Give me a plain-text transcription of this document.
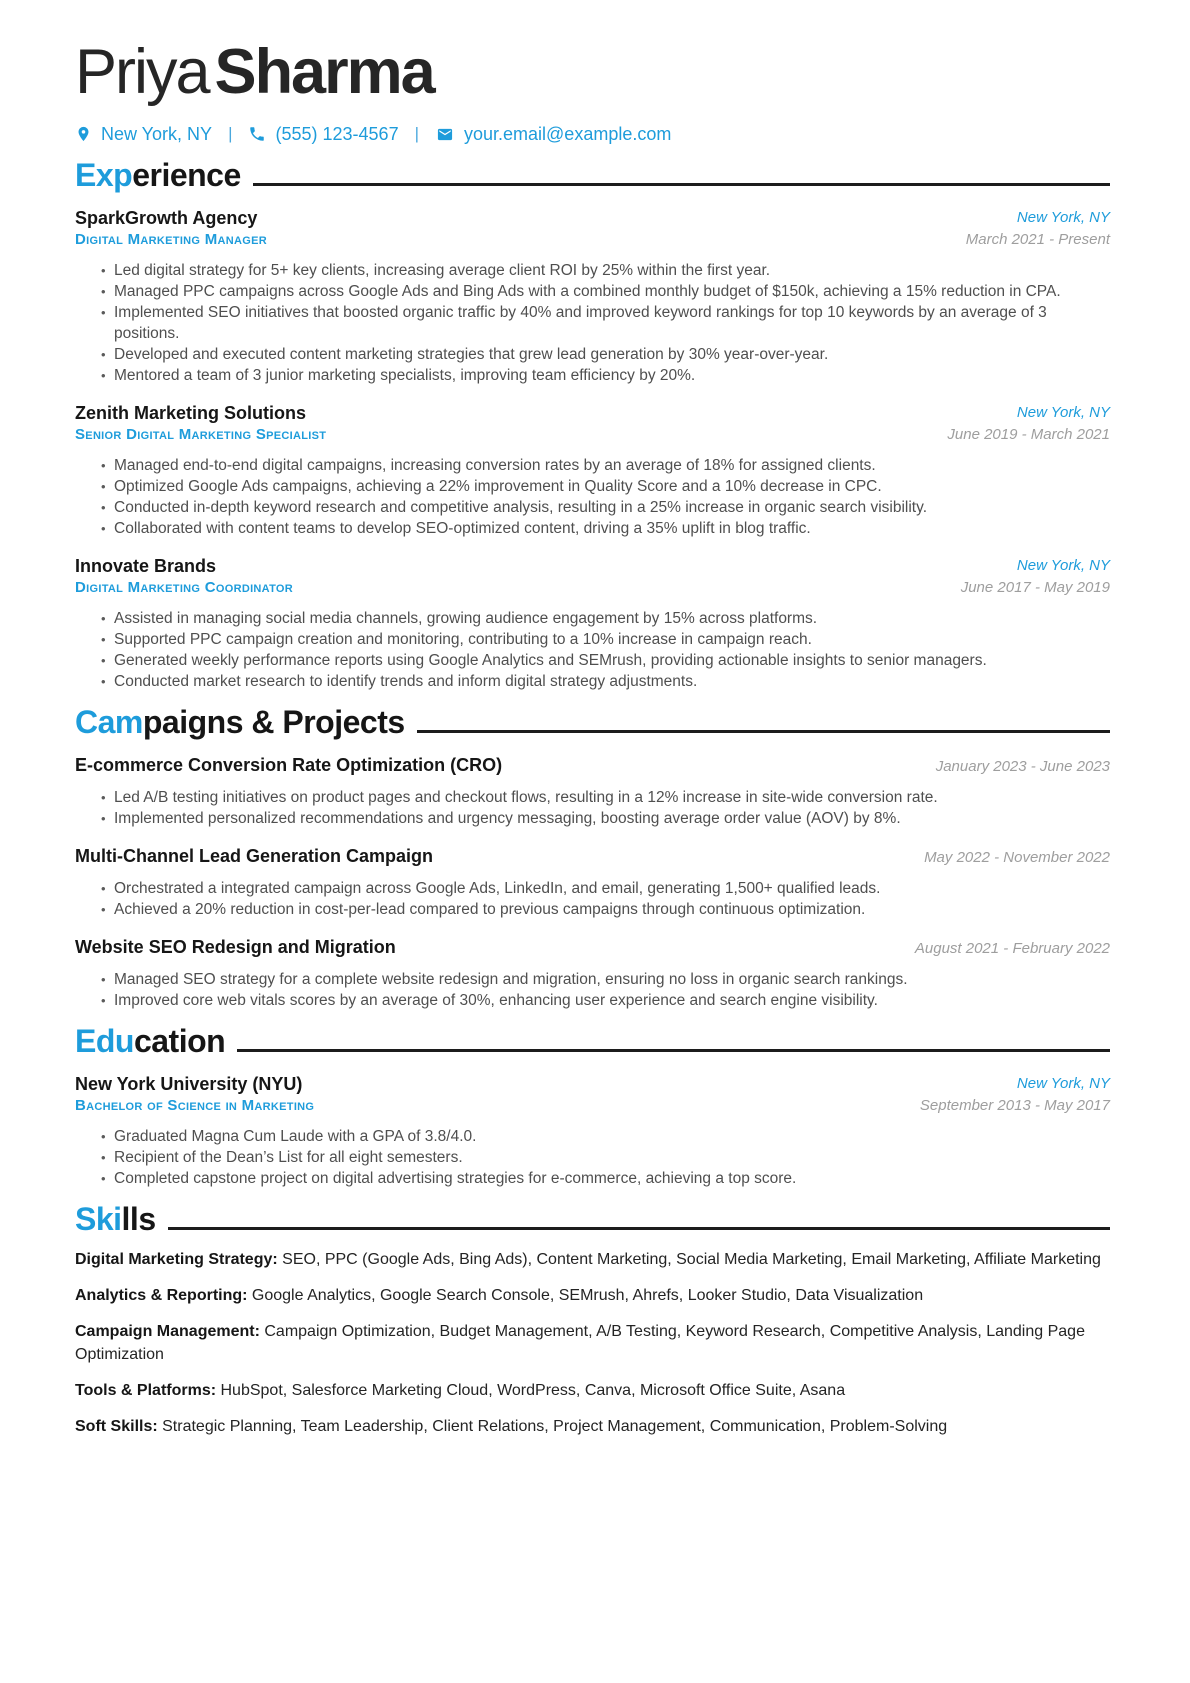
PriyaSharma
New York, NY | (555) 123-4567 |	your.email@example.com
Exp erience
SparkGrowth Agency
Digital Marketing Manager
New York, NY
March 2021 - Present
• Led digital strategy for 5+ key clients, increasing average client ROI by 25% within the first year.
• Managed PPC campaigns across Google Ads and Bing Ads with a combined monthly budget of $150k, achieving a 15% reduction in CPA.
• Implemented SEO initiatives that boosted organic traffic by 40% and improved keyword rankings for top 10 keywords by an average of 3 positions.
• Developed and executed content marketing strategies that grew lead generation by 30% year-over-year.
• Mentored a team of 3 junior marketing specialists, improving team efficiency by 20%.
Zenith Marketing Solutions
Senior Digital Marketing Specialist
New York, NY
June 2019 - March 2021
• Managed end-to-end digital campaigns, increasing conversion rates by an average of 18% for assigned clients.
• Optimized Google Ads campaigns, achieving a 22% improvement in Quality Score and a 10% decrease in CPC.
• Conducted in-depth keyword research and competitive analysis, resulting in a 25% increase in organic search visibility.
• Collaborated with content teams to develop SEO-optimized content, driving a 35% uplift in blog traffic.
Innovate Brands
Digital Marketing Coordinator
New York, NY
June 2017 - May 2019
• Assisted in managing social media channels, growing audience engagement by 15% across platforms.
• Supported PPC campaign creation and monitoring, contributing to a 10% increase in campaign reach.
• Generated weekly performance reports using Google Analytics and SEMrush, providing actionable insights to senior managers.
• Conducted market research to identify trends and inform digital strategy adjustments.
Cam paigns & Projects
E-commerce Conversion Rate Optimization (CRO)	January 2023 - June 2023
• Led A/B testing initiatives on product pages and checkout flows, resulting in a 12% increase in site-wide conversion rate.
• Implemented personalized recommendations and urgency messaging, boosting average order value (AOV) by 8%.
Multi-Channel Lead Generation Campaign	May 2022 - November 2022
• Orchestrated a integrated campaign across Google Ads, LinkedIn, and email, generating 1,500+ qualified leads.
• Achieved a 20% reduction in cost-per-lead compared to previous campaigns through continuous optimization.
Website SEO Redesign and Migration	August 2021 - February 2022
• Managed SEO strategy for a complete website redesign and migration, ensuring no loss in organic search rankings.
• Improved core web vitals scores by an average of 30%, enhancing user experience and search engine visibility.
Edu cation
New York University (NYU)
Bachelor of Science in Marketing
New York, NY
September 2013 - May 2017
• Graduated Magna Cum Laude with a GPA of 3.8/4.0.
• Recipient of the Dean’s List for all eight semesters.
• Completed capstone project on digital advertising strategies for e-commerce, achieving a top score.
Ski lls
Digital Marketing Strategy: SEO, PPC (Google Ads, Bing Ads), Content Marketing, Social Media Marketing, Email Marketing, Affiliate Marketing
Analytics & Reporting: Google Analytics, Google Search Console, SEMrush, Ahrefs, Looker Studio, Data Visualization
Campaign Management: Campaign Optimization, Budget Management, A/B Testing, Keyword Research, Competitive Analysis, Landing Page Optimization
Tools & Platforms: HubSpot, Salesforce Marketing Cloud, WordPress, Canva, Microsoft Office Suite, Asana
Soft Skills: Strategic Planning, Team Leadership, Client Relations, Project Management, Communication, Problem-Solving
